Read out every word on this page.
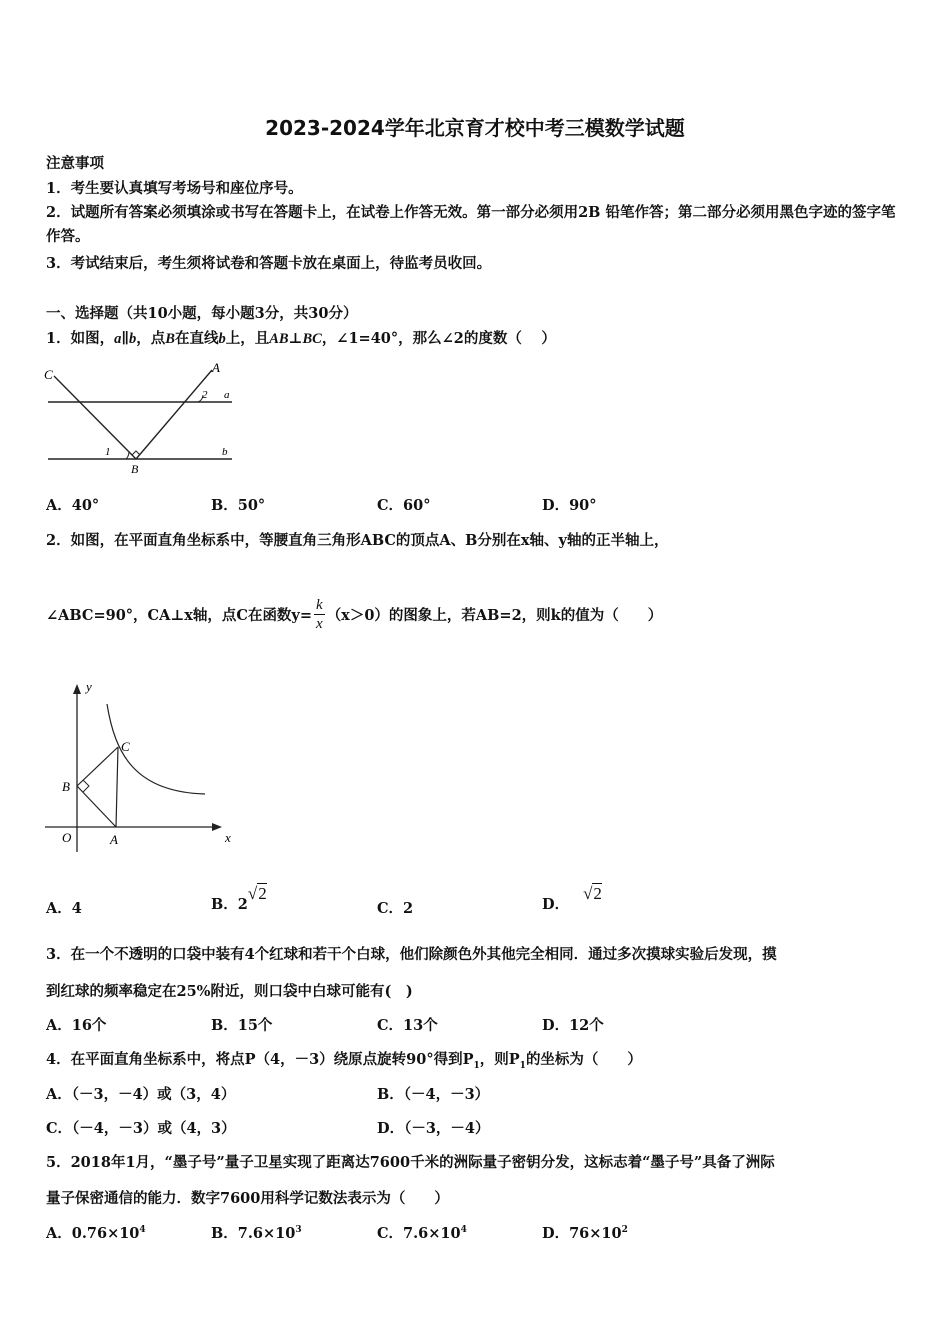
2023-2024学年北京育才校中考三模数学试题
注意事项
1．考生要认真填写考场号和座位序号。
2．试题所有答案必须填涂或书写在答题卡上，在试卷上作答无效。第一部分必须用2B 铅笔作答；第二部分必须用黑色字迹的签字笔作答。
3．考试结束后，考生须将试卷和答题卡放在桌面上，待监考员收回。
一、选择题（共10小题，每小题3分，共30分）
1．如图，a∥b，点B在直线b上，且AB⊥BC，∠1=40°，那么∠2的度数（　 ）
C	A
2 a
1
B
b
A．40°	B．50°	C．60°	D．90°
2．如图，在平面直角坐标系中，等腰直角三角形ABC的顶点A、B分别在x轴、y轴的正半轴上，
∠ABC=90°，CA⊥x轴，点C在函数$y= \frac{k}{x} (x>0)$的图象上，若AB=2，则k的值为（　　）
y
C
B
O	A	x
A．4	B．2
√2
C．2	D．
√2
3．在一个不透明的口袋中装有4个红球和若干个白球，他们除颜色外其他完全相同．通过多次摸球实验后发现，摸
到红球的频率稳定在25%附近，则口袋中白球可能有(　)
A．16个	B．15个	C．13个	D．12个
4．在平面直角坐标系中，将点P（4，－3）绕原点旋转90°得到$P_1$，则$P_1$的坐标为（　　）
A．（－3，－4）或（3，4）	B．（－4，－3）
C．（－4，－3）或（4，3）	D．（－3，－4）
5．2018年1月，“墨子号”量子卫星实现了距离达7600千米的洲际量子密钥分发，这标志着“墨子号”具备了洲际
量子保密通信的能力．数字7600用科学记数法表示为（　　）
A．$0.76\times 10^4$	B．$7.6\times 10^3$	C．$7.6\times 10^4$	D．$76\times 10^2$
